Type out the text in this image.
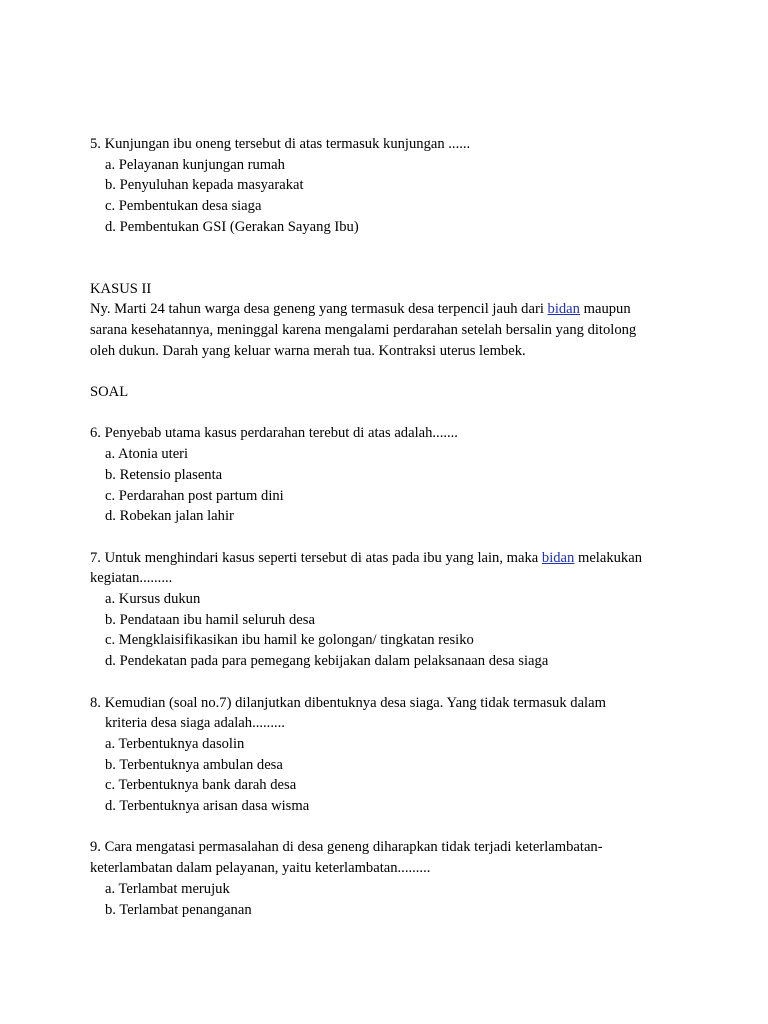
5. Kunjungan ibu oneng tersebut di atas termasuk kunjungan ......
a. Pelayanan kunjungan rumah
b. Penyuluhan kepada masyarakat
c. Pembentukan desa siaga
d. Pembentukan GSI (Gerakan Sayang Ibu)
KASUS II
Ny. Marti 24 tahun warga desa geneng yang termasuk desa terpencil jauh dari bidan maupun
sarana kesehatannya, meninggal karena mengalami perdarahan setelah bersalin yang ditolong
oleh dukun. Darah yang keluar warna merah tua. Kontraksi uterus lembek.
SOAL
6. Penyebab utama kasus perdarahan terebut di atas adalah.......
a. Atonia uteri
b. Retensio plasenta
c. Perdarahan post partum dini
d. Robekan jalan lahir
7. Untuk menghindari kasus seperti tersebut di atas pada ibu yang lain, maka bidan melakukan
kegiatan.........
a. Kursus dukun
b. Pendataan ibu hamil seluruh desa
c. Mengklaisifikasikan ibu hamil ke golongan/ tingkatan resiko
d. Pendekatan pada para pemegang kebijakan dalam pelaksanaan desa siaga
8. Kemudian (soal no.7) dilanjutkan dibentuknya desa siaga. Yang tidak termasuk dalam
kriteria desa siaga adalah.........
a. Terbentuknya dasolin
b. Terbentuknya ambulan desa
c. Terbentuknya bank darah desa
d. Terbentuknya arisan dasa wisma
9. Cara mengatasi permasalahan di desa geneng diharapkan tidak terjadi keterlambatan-
keterlambatan dalam pelayanan, yaitu keterlambatan.........
a. Terlambat merujuk
b. Terlambat penanganan
